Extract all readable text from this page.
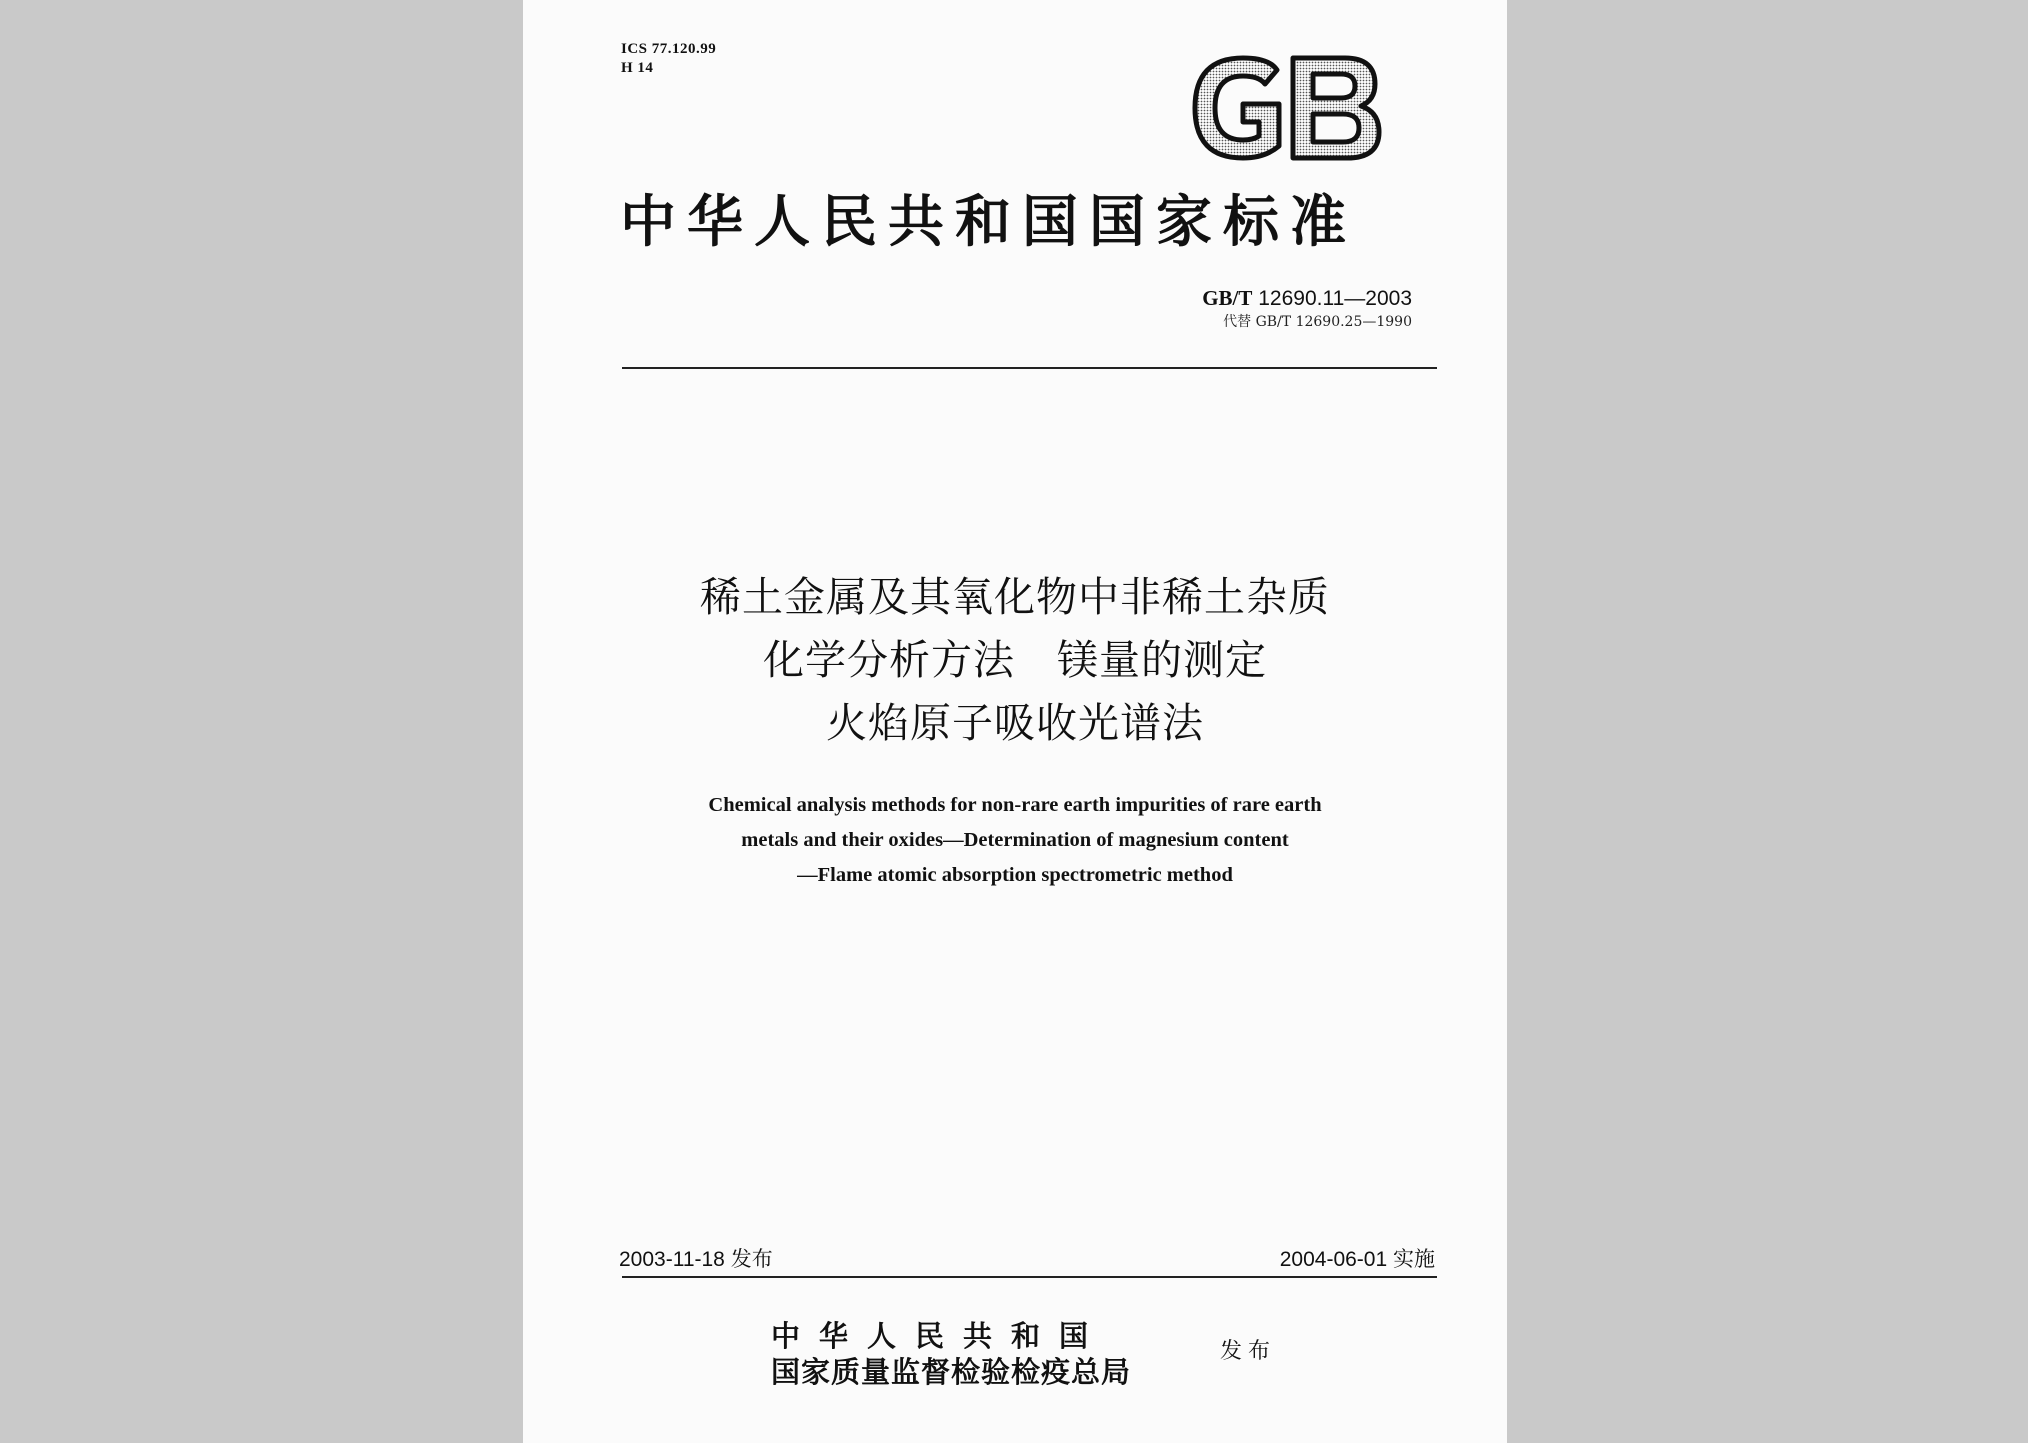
ICS 77.120.99
H 14
中华人民共和国国家标准
GB/T 12690.11—2003
代替 GB/T 12690.25—1990
稀土金属及其氧化物中非稀土杂质
化学分析方法　镁量的测定
火焰原子吸收光谱法
Chemical analysis methods for non-rare earth impurities of rare earth
metals and their oxides—Determination of magnesium content
—Flame atomic absorption spectrometric method
2003-11-18 发布	2004-06-01 实施
中华人民共和国
国家质量监督检验检疫总局
发布
